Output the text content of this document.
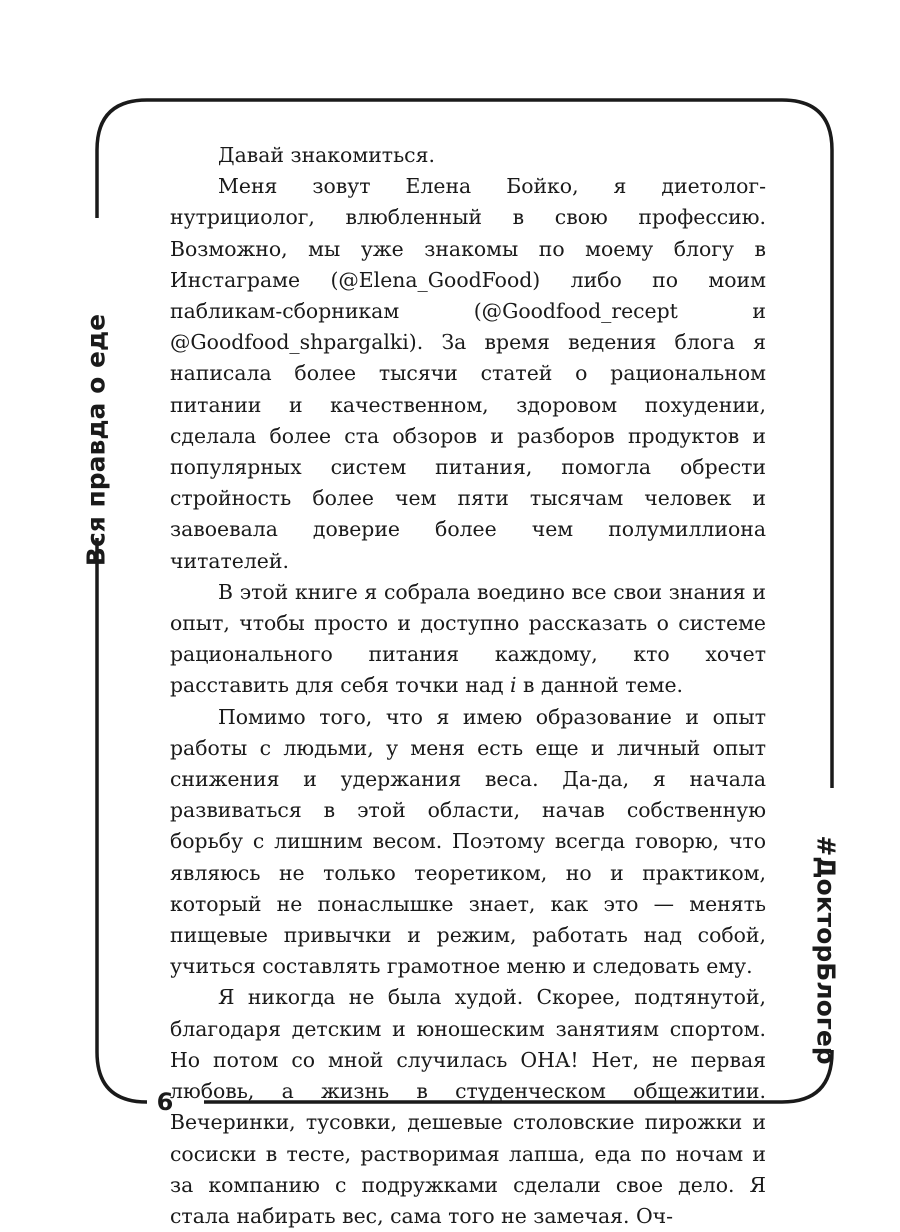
Вся правда о еде
#ДокторБлогер
6

Давай знакомиться.

Меня зовут Елена Бойко, я диетолог-нутрициолог, влюбленный в свою профессию. Возможно, мы уже знакомы по моему блогу в Инстаграме (@Elena_GoodFood) либо по моим пабликам-сборникам (@Goodfood_recept и @Goodfood_shpargalki). За время ведения блога я написала более тысячи статей о рациональном питании и качественном, здоровом похудении, сделала более ста обзоров и разборов продуктов и популярных систем питания, помогла обрести стройность более чем пяти тысячам человек и завоевала доверие более чем полумиллиона читателей.

В этой книге я собрала воедино все свои знания и опыт, чтобы просто и доступно рассказать о системе рационального питания каждому, кто хочет расставить для себя точки над i в данной теме.

Помимо того, что я имею образование и опыт работы с людьми, у меня есть еще и личный опыт снижения и удержания веса. Да-да, я начала развиваться в этой области, начав собственную борьбу с лишним весом. Поэтому всегда говорю, что являюсь не только теоретиком, но и практиком, который не понаслышке знает, как это — менять пищевые привычки и режим, работать над собой, учиться составлять грамотное меню и следовать ему.

Я никогда не была худой. Скорее, подтянутой, благодаря детским и юношеским занятиям спортом. Но потом со мной случилась ОНА! Нет, не первая любовь, а жизнь в студенческом общежитии. Вечеринки, тусовки, дешевые столовские пирожки и сосиски в тесте, растворимая лапша, еда по ночам и за компанию с подружками сделали свое дело. Я стала набирать вес, сама того не замечая. Оч-
